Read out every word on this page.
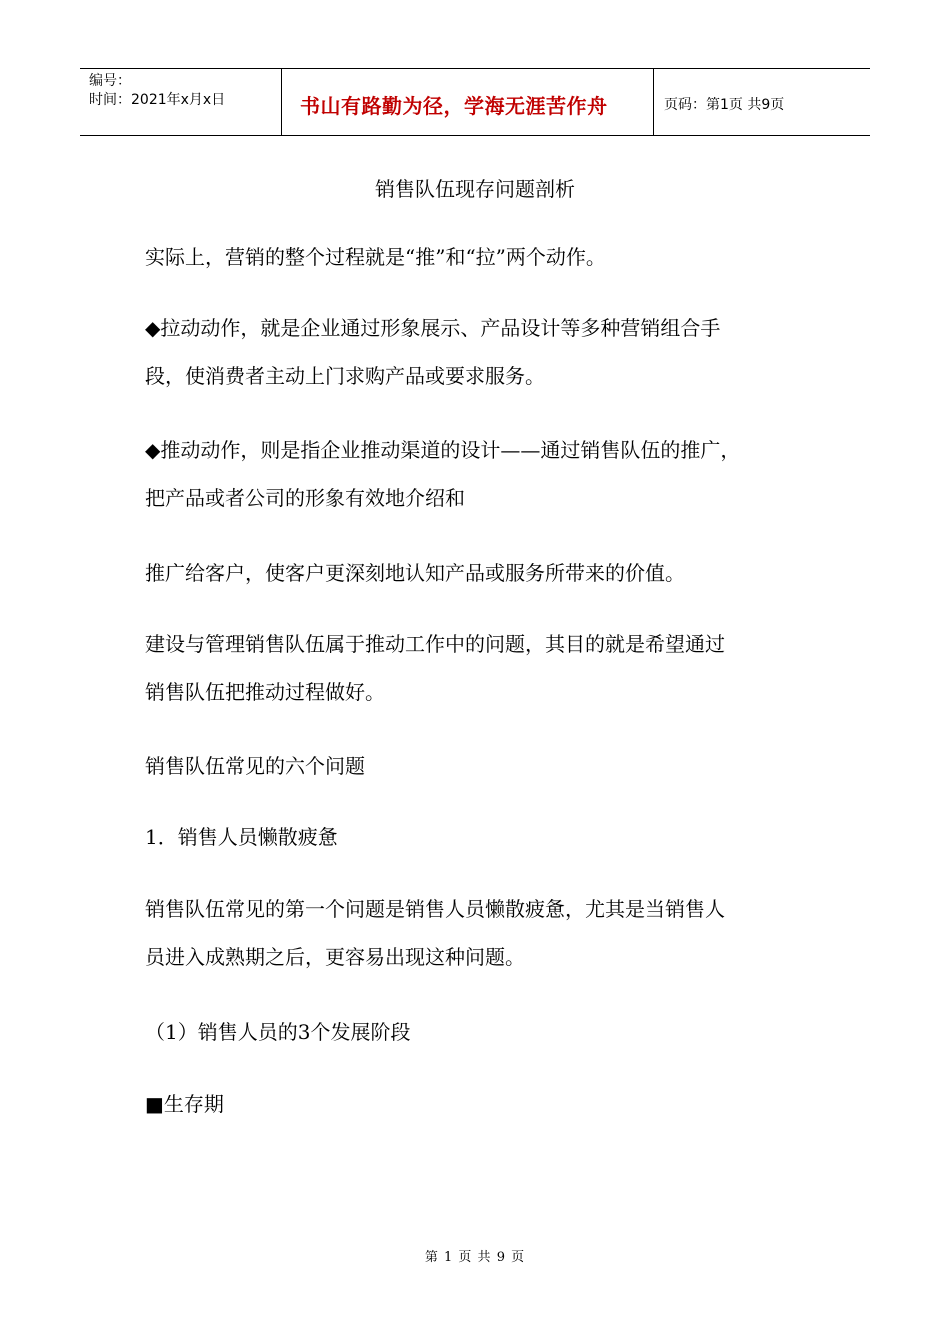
编号：
时间：2021年x月x日	书山有路勤为径，学海无涯苦作舟	页码：第1页 共9页
销售队伍现存问题剖析
实际上，营销的整个过程就是“推”和“拉”两个动作。
◆拉动动作，就是企业通过形象展示、产品设计等多种营销组合手
段，使消费者主动上门求购产品或要求服务。
◆推动动作，则是指企业推动渠道的设计——通过销售队伍的推广，
把产品或者公司的形象有效地介绍和
推广给客户，使客户更深刻地认知产品或服务所带来的价值。
建设与管理销售队伍属于推动工作中的问题，其目的就是希望通过
销售队伍把推动过程做好。
销售队伍常见的六个问题
1．销售人员懒散疲惫
销售队伍常见的第一个问题是销售人员懒散疲惫，尤其是当销售人
员进入成熟期之后，更容易出现这种问题。
（1）销售人员的3个发展阶段
■生存期
第 1 页 共 9 页
